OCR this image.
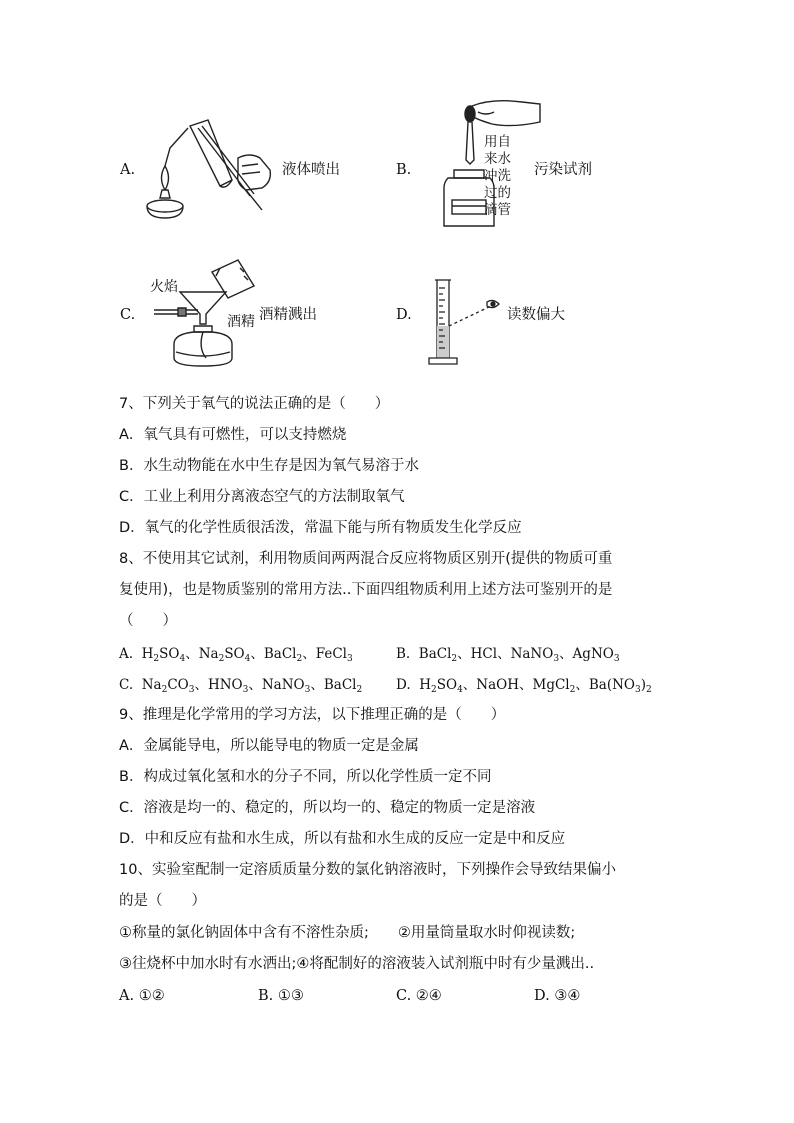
A.	液体喷出	B.
用自
来水
冲洗
过的
滴管
污染试剂
C.
火焰
酒精 酒精溅出	D.	读数偏大
7、下列关于氧气的说法正确的是（　　）
A．氧气具有可燃性，可以支持燃烧
B．水生动物能在水中生存是因为氧气易溶于水
C．工业上利用分离液态空气的方法制取氧气
D．氧气的化学性质很活泼，常温下能与所有物质发生化学反应
8、不使用其它试剂，利用物质间两两混合反应将物质区别开(提供的物质可重
复使用)，也是物质鉴别的常用方法..下面四组物质利用上述方法可鉴别开的是
（　　）
A.  $H_2SO_4$、$Na_2SO_4$、BaCl$_2$、FeCl$_3$	B.  BaCl$_2$、HCl、NaNO$_3$、AgNO$_3$
C.  $Na_2CO_3$、$HNO_3$、NaNO$_3$、BaCl$_2$	D.  $H_2SO_4$、NaOH、MgCl$_2$、$Ba(NO_3)_2$
9、推理是化学常用的学习方法，以下推理正确的是（　　）
A．金属能导电，所以能导电的物质一定是金属
B．构成过氧化氢和水的分子不同，所以化学性质一定不同
C．溶液是均一的、稳定的，所以均一的、稳定的物质一定是溶液
D．中和反应有盐和水生成，所以有盐和水生成的反应一定是中和反应
10、实验室配制一定溶质质量分数的氯化钠溶液时，下列操作会导致结果偏小
的是（　　）
①称量的氯化钠固体中含有不溶性杂质;　　②用量筒量取水时仰视读数;
③往烧杯中加水时有水洒出;④将配制好的溶液装入试剂瓶中时有少量溅出..
A. ①②	B. ①③	C. ②④	D. ③④
